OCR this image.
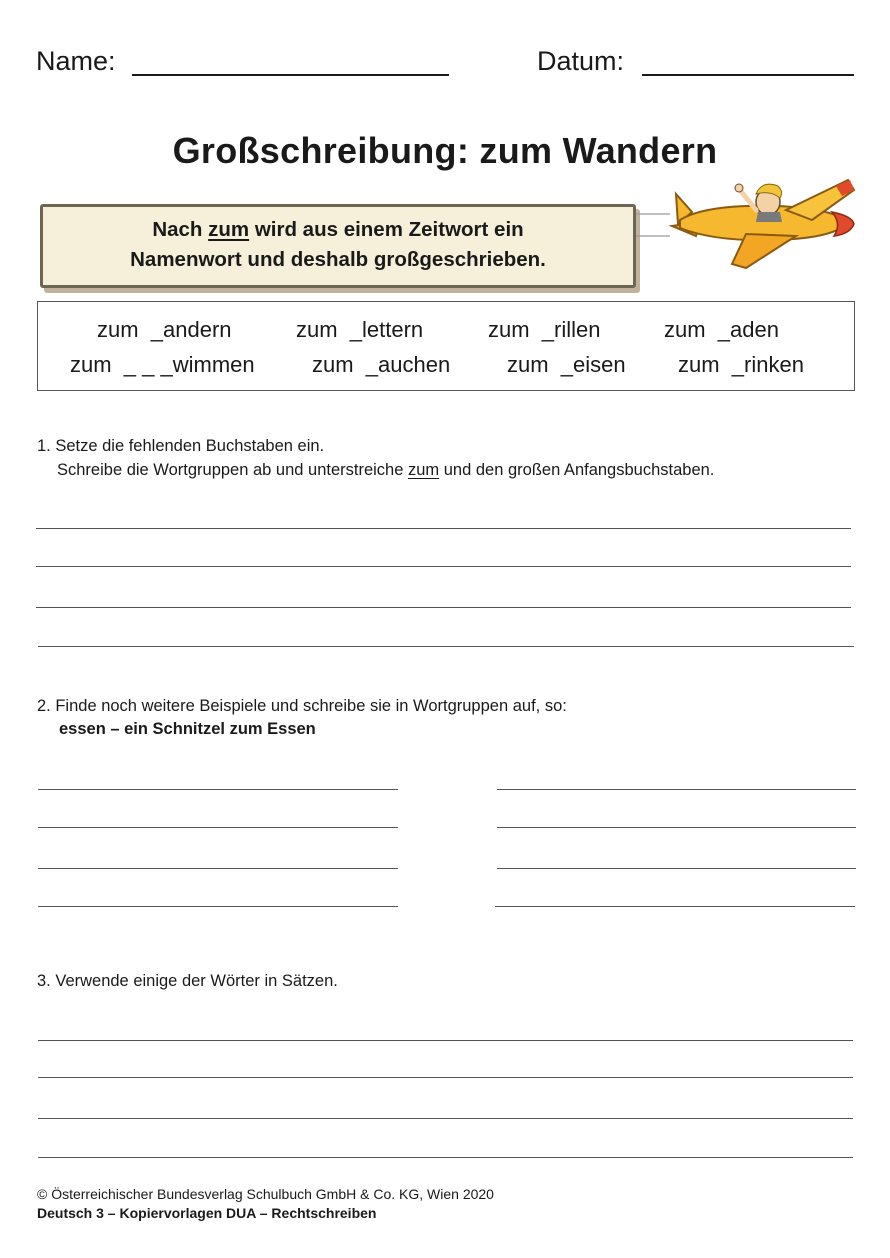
Name:	Datum:
Großschreibung: zum Wandern
Nach zum wird aus einem Zeitwort ein
Namenwort und deshalb großgeschrieben.
zum  _andern	zum  _lettern	zum  _rillen	zum  _aden
zum  _ _ _wimmen	zum  _auchen	zum  _eisen zum  _rinken
1. Setze die fehlenden Buchstaben ein.
Schreibe die Wortgruppen ab und unterstreiche zum und den großen Anfangsbuchstaben.
2. Finde noch weitere Beispiele und schreibe sie in Wortgruppen auf, so:
essen – ein Schnitzel zum Essen
3. Verwende einige der Wörter in Sätzen.
© Österreichischer Bundesverlag Schulbuch GmbH & Co. KG, Wien 2020
Deutsch 3 – Kopiervorlagen DUA – Rechtschreiben
